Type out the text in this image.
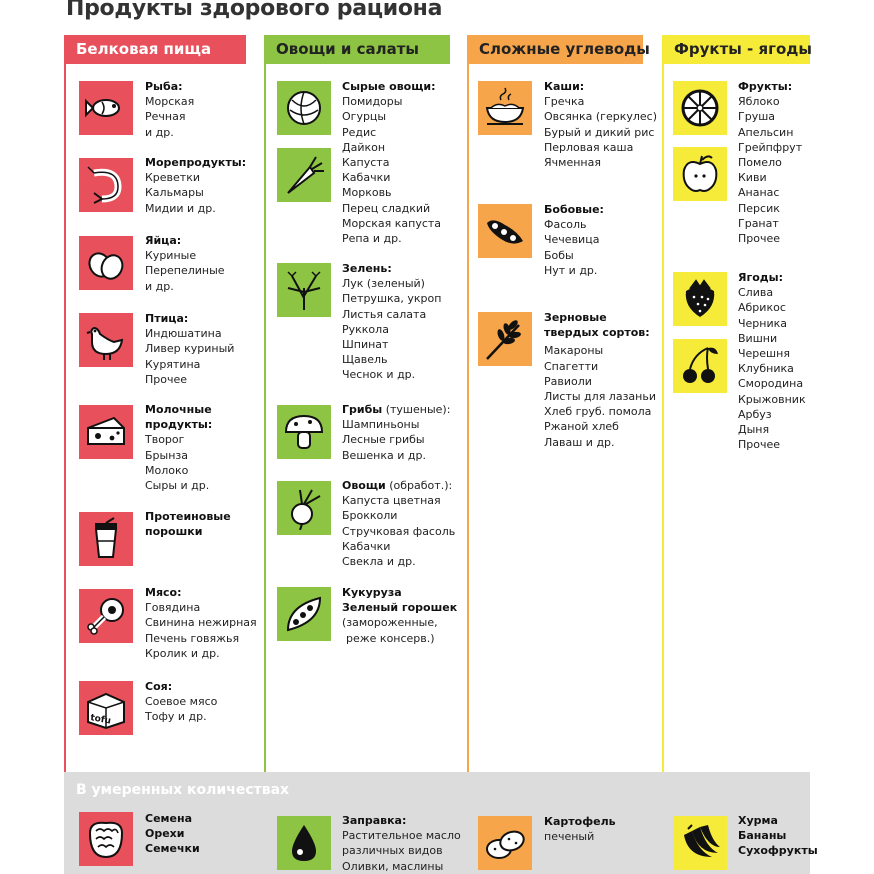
Продукты здорового рациона
Белковая пища	Овощи и салаты	Сложные углеводы	Фрукты - ягоды
Рыба:
Морская
Речная
и др.
Морепродукты:
Креветки
Кальмары
Мидии и др.
Яйца:
Куриные
Перепелиные
и др.
Птица:
Индюшатина
Ливер куриный
Курятина
Прочее
Молочные
продукты:
Творог
Брынза
Молоко
Сыры и др.
Протеиновые
порошки
Мясо:
Говядина
Свинина нежирная
Печень говяжья
Кролик и др.
tofu
Соя:
Соевое мясо
Тофу и др.
Сырые овощи:
Помидоры
Огурцы
Редис
Дайкон
Капуста
Кабачки
Морковь
Перец сладкий
Морская капуста
Репа и др.
Зелень:
Лук (зеленый)
Петрушка, укроп
Листья салата
Руккола
Шпинат
Щавель
Чеснок и др.
Грибы (тушеные):
Шампиньоны
Лесные грибы
Вешенка и др.
Овощи (обработ.):
Капуста цветная
Брокколи
Стручковая фасоль
Кабачки
Свекла и др.
Кукуруза
Зеленый горошек
(замороженные,
реже консерв.)
Каши:
Гречка
Овсянка (геркулес)
Бурый и дикий рис
Перловая каша
Ячменная
Бобовые:
Фасоль
Чечевица
Бобы
Нут и др.
Зерновые
твердых сортов:
Макароны
Спагетти
Равиоли
Листы для лазаньи
Хлеб груб. помола
Ржаной хлеб
Лаваш и др.
Фрукты:
Яблоко
Груша
Апельсин
Грейпфрут
Помело
Киви
Ананас
Персик
Гранат
Прочее
Ягоды:
Слива
Абрикос
Черника
Вишни
Черешня
Клубника
Смородина
Крыжовник
Арбуз
Дыня
Прочее
В умеренных количествах
Семена
Орехи
Семечки
Заправка:
Растительное масло
различных видов
Оливки, маслины
Картофель
печеный
Хурма
Бананы
Сухофрукты
